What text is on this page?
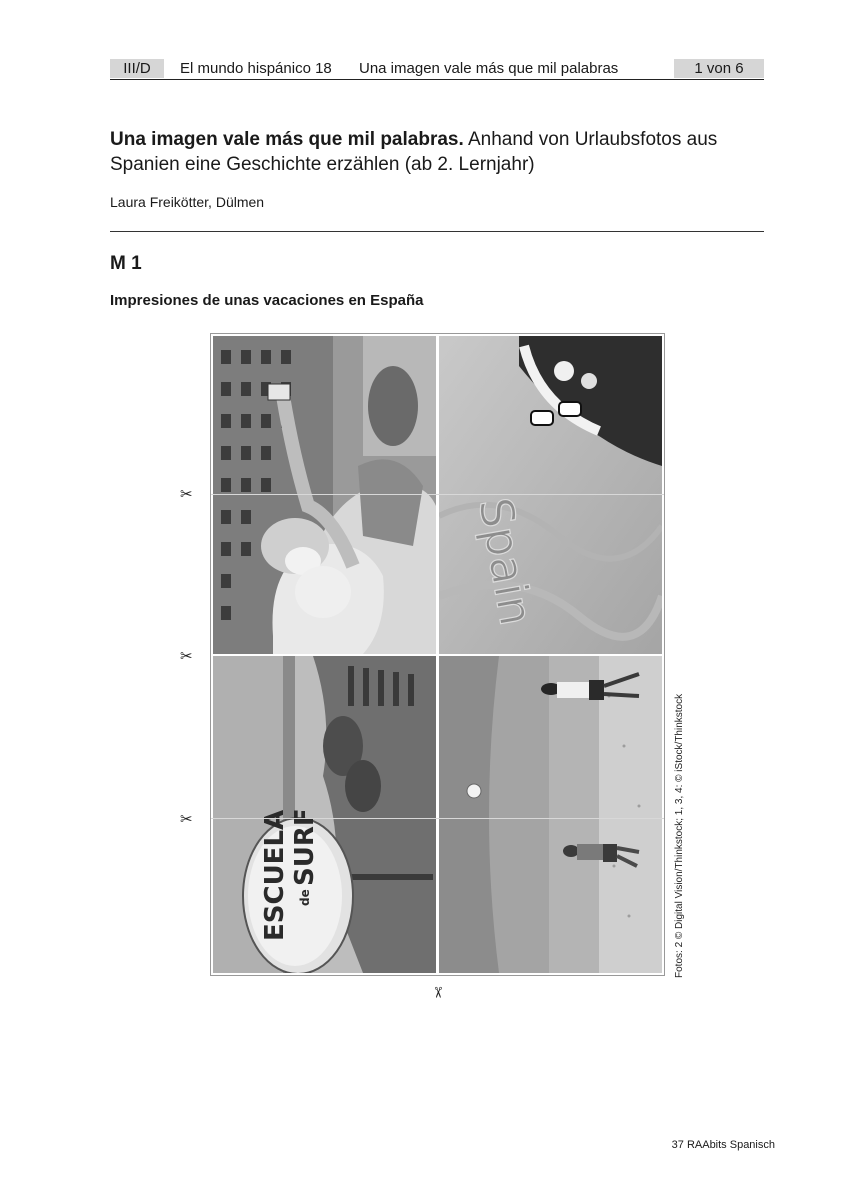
III/D	El mundo hispánico 18 Una imagen vale más que mil palabras	1 von 6
Una imagen vale más que mil palabras. Anhand von Urlaubsfotos aus Spanien eine Geschichte erzählen (ab 2. Lernjahr)
Laura Freikötter, Dülmen
M 1
Impresiones de unas vacaciones en España
Spain
ESCUELA de
SURF
✂
✂
✂
✂
Fotos: 2 © Digital Vision/Thinkstock; 1, 3, 4: © iStock/Thinkstock
37 RAAbits Spanisch
